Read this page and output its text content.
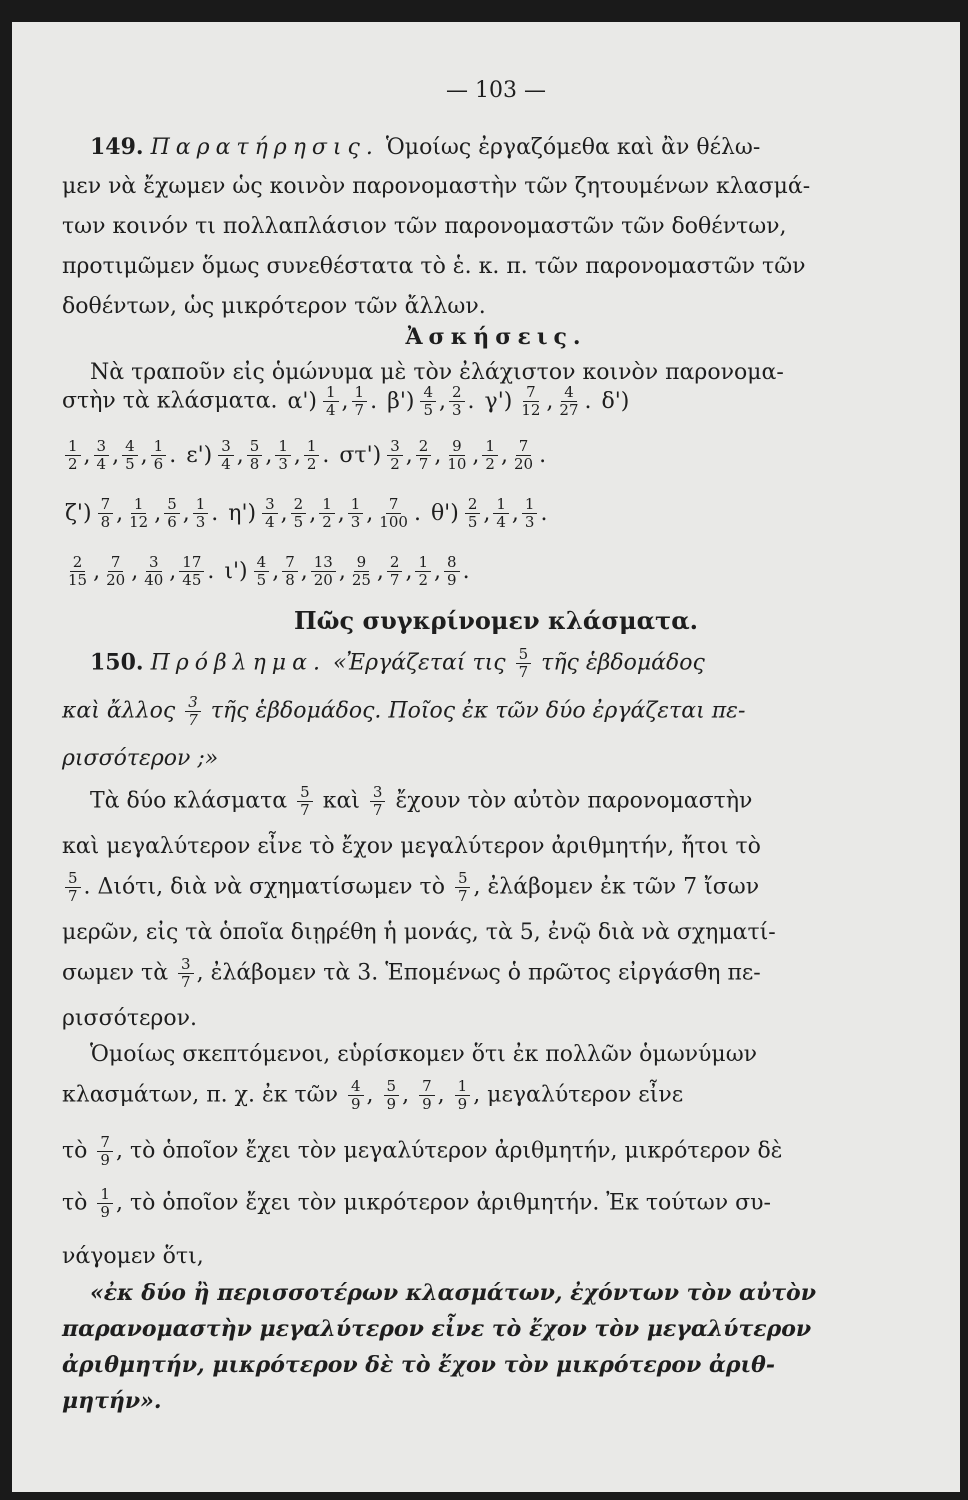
— 103 —
149. Παρατήρησις. Ὁμοίως ἐργαζόμεθα καὶ ἂν θέλω-
μεν νὰ ἔχωμεν ὡς κοινὸν παρονομαστὴν τῶν ζητουμένων κλασμά-
των κοινόν τι πολλαπλάσιον τῶν παρονομαστῶν τῶν δοθέντων,
προτιμῶμεν ὅμως συνεθέστατα τὸ ἑ. κ. π. τῶν παρονομαστῶν τῶν
δοθέντων, ὡς μικρότερον τῶν ἄλλων.
Ἀσκήσεις.
Νὰ τραποῦν εἰς ὁμώνυμα μὲ τὸν ἐλάχιστον κοινὸν παρονομα-
στὴν τὰ κλάσματα. $\alpha') \frac{1}{4}$ , $\frac{1}{7}$ . $\beta') \frac{4}{5}$ , $\frac{2}{3}$ . $\gamma') \frac{7}{12}$ , $\frac{4}{27}$ . δ')
$\frac{1}{2}$ , $\frac{3}{4}$ , $\frac{4}{5}$ , $\frac{1}{6}$ . $\varepsilon') \frac{3}{4}$ , $\frac{5}{8}$ , $\frac{1}{3}$ , $\frac{1}{2}$ . $\sigma\tau') \frac{3}{2}$ , $\frac{2}{7}$ , $\frac{9}{10}$ , $\frac{1}{2}$ , $\frac{7}{20}$ .
$\zeta') \frac{7}{8}$ , $\frac{1}{12}$ , $\frac{5}{6}$ , $\frac{1}{3}$ . $\eta') \frac{3}{4}$ , $\frac{2}{5}$ , $\frac{1}{2}$ , $\frac{1}{3}$ , $\frac{7}{100}$ . $\theta') \frac{2}{5}$ , $\frac{1}{4}$ , $\frac{1}{3}$ .
$\frac{2}{15}$ , $\frac{7}{20}$ , $\frac{3}{40}$ , $\frac{17}{45}$ . $\iota') \frac{4}{5}$ , $\frac{7}{8}$ , $\frac{13}{20}$ , $\frac{9}{25}$ , $\frac{2}{7}$ , $\frac{1}{2}$ , $\frac{8}{9}$ .
Πῶς συγκρίνομεν κλάσματα.
150. Πρόβλημα. «Ἐργάζεταί τις $\frac{5}{7}$ τῆς ἑβδομάδος
καὶ ἄλλος $\frac{3}{7}$ τῆς ἑβδομάδος. Ποῖος ἐκ τῶν δύο ἐργάζεται πε-
ρισσότερον ;»
Τὰ δύο κλάσματα $\frac{5}{7}$ καὶ $\frac{3}{7}$ ἔχουν τὸν αὐτὸν παρονομαστὴν
καὶ μεγαλύτερον εἶνε τὸ ἔχον μεγαλύτερον ἀριθμητήν, ἤτοι τὸ
$\frac{5}{7}$ . Διότι, διὰ νὰ σχηματίσωμεν τὸ $\frac{5}{7}$ , ἐλάβομεν ἐκ τῶν 7 ἴσων
μερῶν, εἰς τὰ ὁποῖα διῃρέθη ἡ μονάς, τὰ 5, ἐνῷ διὰ νὰ σχηματί-
σωμεν τὰ $\frac{3}{7}$ , ἐλάβομεν τὰ 3. Ἑπομένως ὁ πρῶτος εἰργάσθη πε-
ρισσότερον.
Ὁμοίως σκεπτόμενοι, εὑρίσκομεν ὅτι ἐκ πολλῶν ὁμωνύμων
κλασμάτων, π. χ. ἐκ τῶν $\frac{4}{9}$ , $\frac{5}{9}$ , $\frac{7}{9}$ , $\frac{1}{9}$ , μεγαλύτερον εἶνε
τὸ $\frac{7}{9}$ , τὸ ὁποῖον ἔχει τὸν μεγαλύτερον ἀριθμητήν, μικρότερον δὲ
τὸ $\frac{1}{9}$ , τὸ ὁποῖον ἔχει τὸν μικρότερον ἀριθμητήν. Ἐκ τούτων συ-
νάγομεν ὅτι,
«ἐκ δύο ἢ περισσοτέρων κλασμάτων, ἐχόντων τὸν αὐτὸν
παρανομαστὴν μεγαλύτερον εἶνε τὸ ἔχον τὸν μεγαλύτερον
ἀριθμητήν, μικρότερον δὲ τὸ ἔχον τὸν μικρότερον ἀριθ-
μητήν».
